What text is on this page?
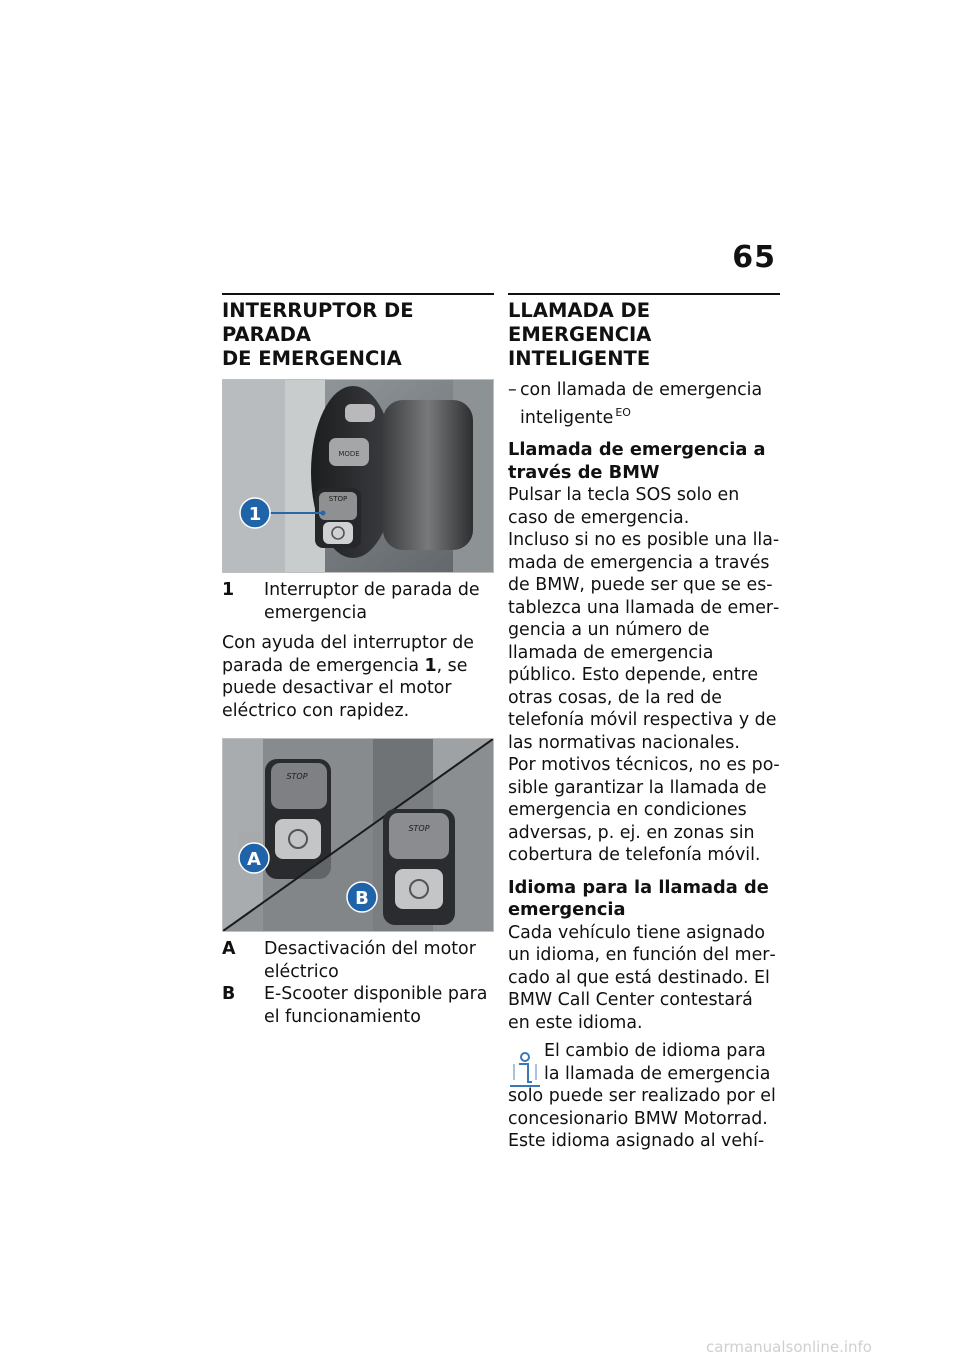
65
INTERRUPTOR DE PARADA
DE EMERGENCIA
MODE
STOP
1
1	Interruptor de parada de emergencia

Con ayuda del interruptor de parada de emergencia 1, se puede desactivar el motor eléctrico con rapidez.

STOP
STOP
A
B
A	Desactivación del motor eléctrico
B	E-Scooter disponible para el funcionamiento
LLAMADA DE EMERGENCIA
INTELIGENTE
– con llamada de emergencia inteligente $^{EO}$
Llamada de emergencia a través de BMW

Pulsar la tecla SOS solo en caso de emergencia.

Incluso si no es posible una llamada de emergencia a través de BMW, puede ser que se establezca una llamada de emergencia a un número de llamada de emergencia público. Esto depende, entre otras cosas, de la red de telefonía móvil respectiva y de las normativas nacionales.

Por motivos técnicos, no es posible garantizar la llamada de emergencia en condiciones adversas, p. ej. en zonas sin cobertura de telefonía móvil.

Idioma para la llamada de emergencia

Cada vehículo tiene asignado un idioma, en función del mercado al que está destinado. El BMW Call Center contestará en este idioma.

El cambio de idioma para
la llamada de emergencia
solo puede ser realizado por el concesionario BMW Motorrad. Este idioma asignado al vehí-
carmanualsonline.info
